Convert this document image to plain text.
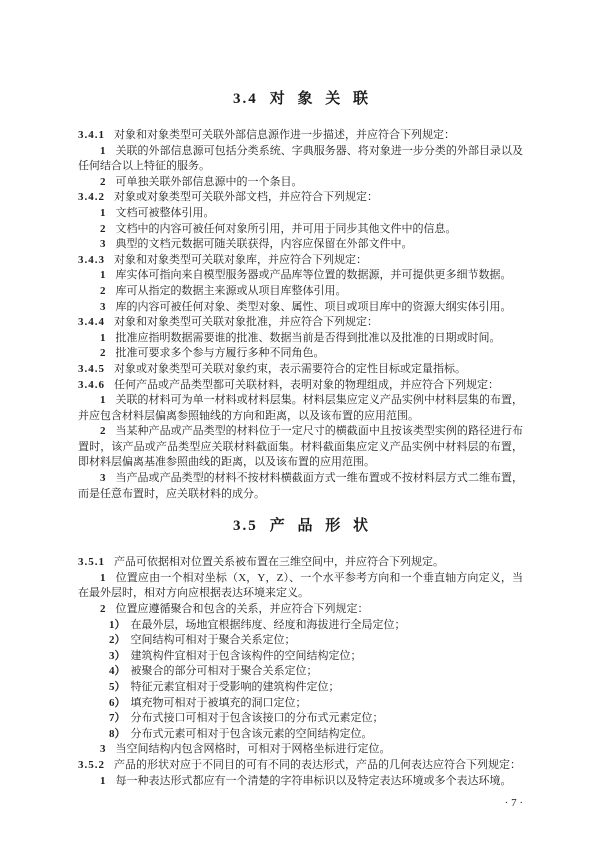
3.4 对 象 关 联

3.4.1 对象和对象类型可关联外部信息源作进一步描述，并应符合下列规定：

1 关联的外部信息源可包括分类系统、字典服务器、将对象进一步分类的外部目录以及任何结合以上特征的服务。

2 可单独关联外部信息源中的一个条目。

3.4.2 对象或对象类型可关联外部文档，并应符合下列规定：

1 文档可被整体引用。

2 文档中的内容可被任何对象所引用，并可用于同步其他文件中的信息。

3 典型的文档元数据可随关联获得，内容应保留在外部文件中。

3.4.3 对象和对象类型可关联对象库，并应符合下列规定：

1 库实体可指向来自模型服务器或产品库等位置的数据源，并可提供更多细节数据。

2 库可从指定的数据主来源或从项目库整体引用。

3 库的内容可被任何对象、类型对象、属性、项目或项目库中的资源大纲实体引用。

3.4.4 对象和对象类型可关联对象批准，并应符合下列规定：

1 批准应指明数据需要谁的批准、数据当前是否得到批准以及批准的日期或时间。

2 批准可要求多个参与方履行多种不同角色。

3.4.5 对象或对象类型可关联对象约束，表示需要符合的定性目标或定量指标。

3.4.6 任何产品或产品类型都可关联材料，表明对象的物理组成，并应符合下列规定：

1 关联的材料可为单一材料或材料层集。材料层集应定义产品实例中材料层集的布置，并应包含材料层偏离参照轴线的方向和距离，以及该布置的应用范围。

2 当某种产品或产品类型的材料位于一定尺寸的横截面中且按该类型实例的路径进行布置时，该产品或产品类型应关联材料截面集。材料截面集应定义产品实例中材料层的布置，即材料层偏离基准参照曲线的距离，以及该布置的应用范围。

3 当产品或产品类型的材料不按材料横截面方式一维布置或不按材料层方式二维布置，而是任意布置时，应关联材料的成分。

3.5 产 品 形 状

3.5.1 产品可依据相对位置关系被布置在三维空间中，并应符合下列规定。

1 位置应由一个相对坐标（X，Y，Z）、一个水平参考方向和一个垂直轴方向定义，当在最外层时，相对方向应根据表达环境来定义。

2 位置应遵循聚合和包含的关系，并应符合下列规定：

1） 在最外层，场地宜根据纬度、经度和海拔进行全局定位；

2） 空间结构可相对于聚合关系定位；

3） 建筑构件宜相对于包含该构件的空间结构定位；

4） 被聚合的部分可相对于聚合关系定位；

5） 特征元素宜相对于受影响的建筑构件定位；

6） 填充物可相对于被填充的洞口定位；

7） 分布式接口可相对于包含该接口的分布式元素定位；

8） 分布式元素可相对于包含该元素的空间结构定位。

3 当空间结构内包含网格时，可相对于网格坐标进行定位。

3.5.2 产品的形状对应于不同目的可有不同的表达形式，产品的几何表达应符合下列规定：

1 每一种表达形式都应有一个清楚的字符串标识以及特定表达环境或多个表达环境。

· 7 ·
